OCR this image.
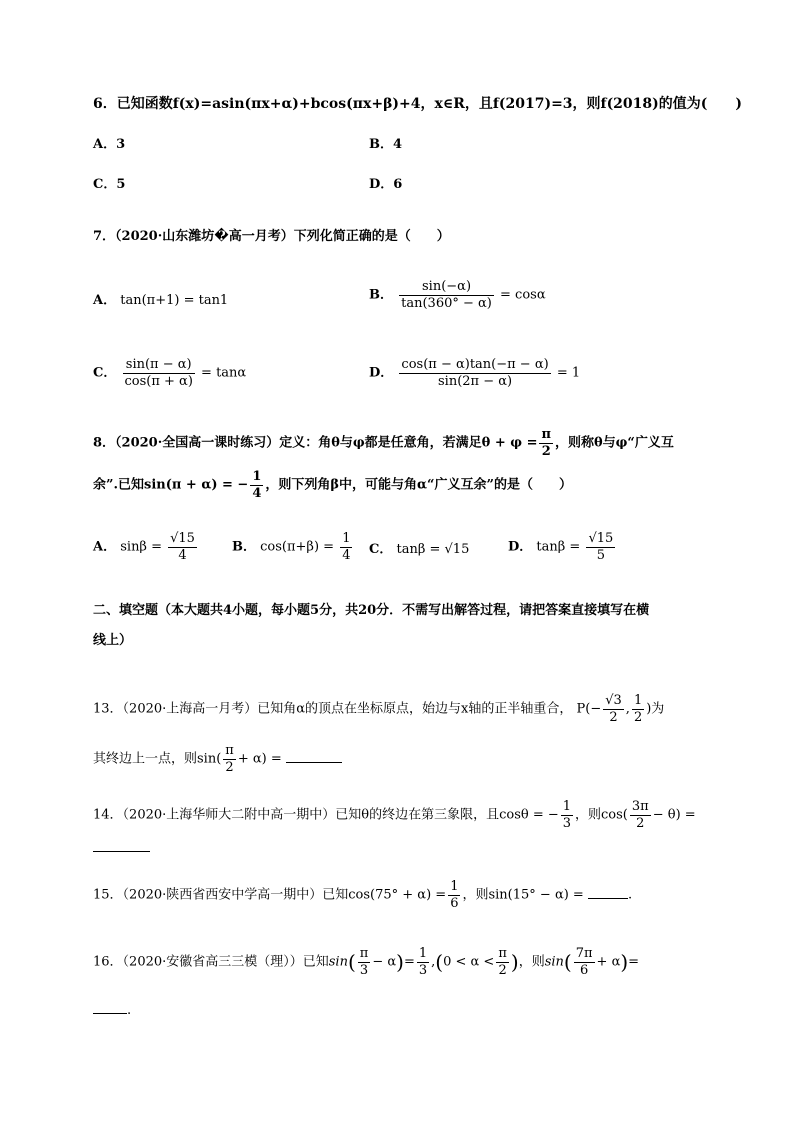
6．已知函数f(x)=asin(πx+α)+bcos(πx+β)+4，x∈R，且f(2017)=3，则f(2018)的值为(　　)
A．3	B．4
C．5	D．6
7．（2020·山东潍坊�高一月考）下列化简正确的是（　　）
A． tan(π+1) = tan1	B． $\frac{\sin(-\alpha)}{\tan(360^\circ - \alpha)} = \cos\alpha$
C． $\frac{\sin(\pi - \alpha)}{\cos(\pi + \alpha)} = \tan\alpha$	D． $\frac{\cos(\pi - \alpha)\tan(-\pi - \alpha)}{\sin(2\pi - \alpha)} = 1$
8．（2020·全国高一课时练习）定义：角θ与φ都是任意角，若满足$\theta + \varphi = \frac{\pi}{2}$ ，则称θ与φ“广义互
余”.已知sin(π + α) = − $\frac{1}{4}$ ，则下列角β中，可能与角α“广义互余”的是（　　）
A． $\sin\beta = \frac{√15}{4}$	B． $\cos(\pi+\beta) = \frac{1}{4}$ C． tanβ = √15	D． $\tan\beta = \frac{√15}{5}$
二、填空题（本大题共4小题，每小题5分，共20分．不需写出解答过程，请把答案直接填写在横
线上）
13．（2020·上海高一月考）已知角α的顶点在坐标原点，始边与x轴的正半轴重合， $P(- \frac{√3}{2}$ , $\frac{1}{2}$ )为
其终边上一点，则$\sin( \frac{\pi}{2} + \alpha)$ =
14．（2020·上海华师大二附中高一期中）已知θ的终边在第三象限，且cosθ = − $\frac{1}{3}$ ，则$\cos( \frac{3\pi}{2} - \theta)$ =
15．（2020·陕西省西安中学高一期中）已知$\cos(75^\circ + \alpha) = \frac{1}{6}$ ，则sin(15° − α) =	.
16．（2020·安徽省高三三模（理））已知$\sin( \frac{\pi}{3} - \alpha)= \frac{1}{3} ,(0 < \alpha < \frac{\pi}{2}$ )，则$\sin( \frac{7\pi}{6} + \alpha)=$
.
